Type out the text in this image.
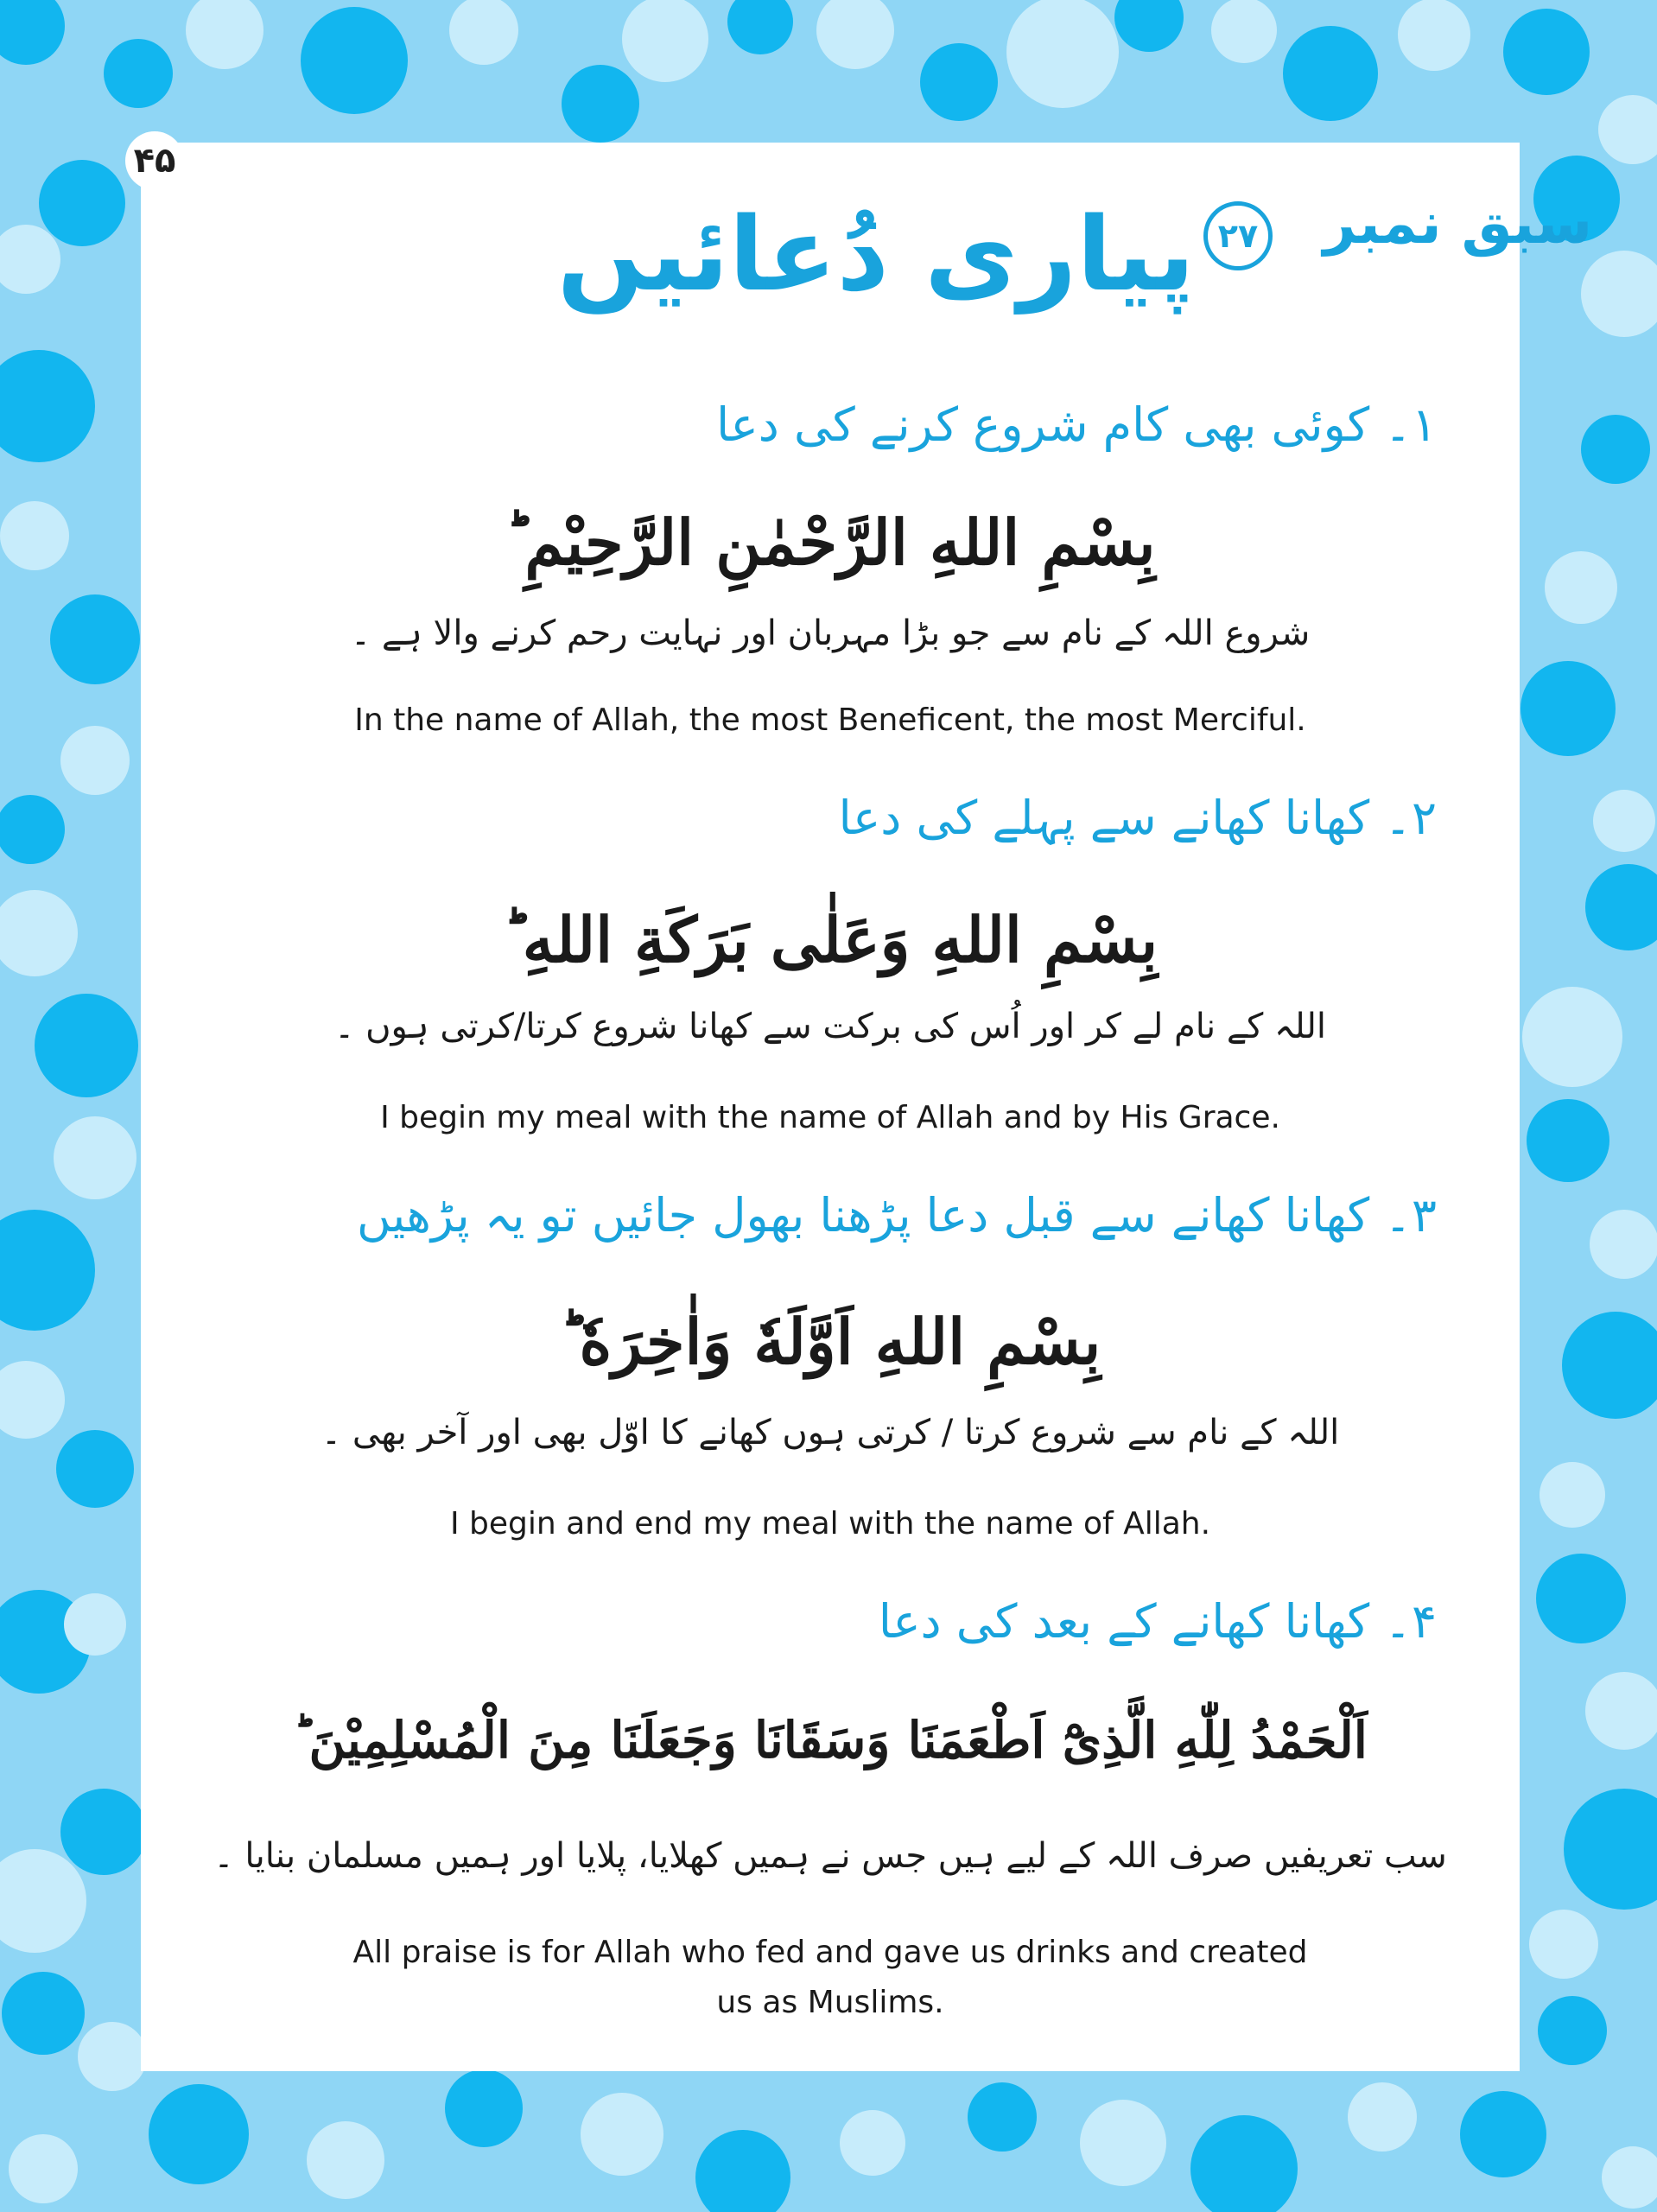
۴۵
سبق نمبر
۲۷
پیاری دُعائیں
۱۔ کوئی بھی کام شروع کرنے کی دعا
بِسْمِ اللهِ الرَّحْمٰنِ الرَّحِيْمِ ؕ
شروع اللہ کے نام سے جو بڑا مہربان اور نہایت رحم کرنے والا ہے ۔
In the name of Allah, the most Beneficent, the most Merciful.
۲۔ کھانا کھانے سے پہلے کی دعا
بِسْمِ اللهِ وَعَلٰى بَرَكَةِ اللهِ ؕ
اللہ کے نام لے کر اور اُس کی برکت سے کھانا شروع کرتا/کرتی ہوں ۔
I begin my meal with the name of Allah and by His Grace.
۳۔ کھانا کھانے سے قبل دعا پڑھنا بھول جائیں تو یہ پڑھیں
بِسْمِ اللهِ اَوَّلَهٗ وَاٰخِرَهٗ ؕ
اللہ کے نام سے شروع کرتا / کرتی ہوں کھانے کا اوّل بھی اور آخر بھی ۔
I begin and end my meal with the name of Allah.
۴۔ کھانا کھانے کے بعد کی دعا
اَلْحَمْدُ لِلّٰهِ الَّذِیْٓ اَطْعَمَنَا وَسَقَانَا وَجَعَلَنَا مِنَ الْمُسْلِمِیْنَ ؕ
سب تعریفیں صرف اللہ کے لیے ہیں جس نے ہمیں کھلایا، پلایا اور ہمیں مسلمان بنایا ۔
All praise is for Allah who fed and gave us drinks and created us as Muslims.
